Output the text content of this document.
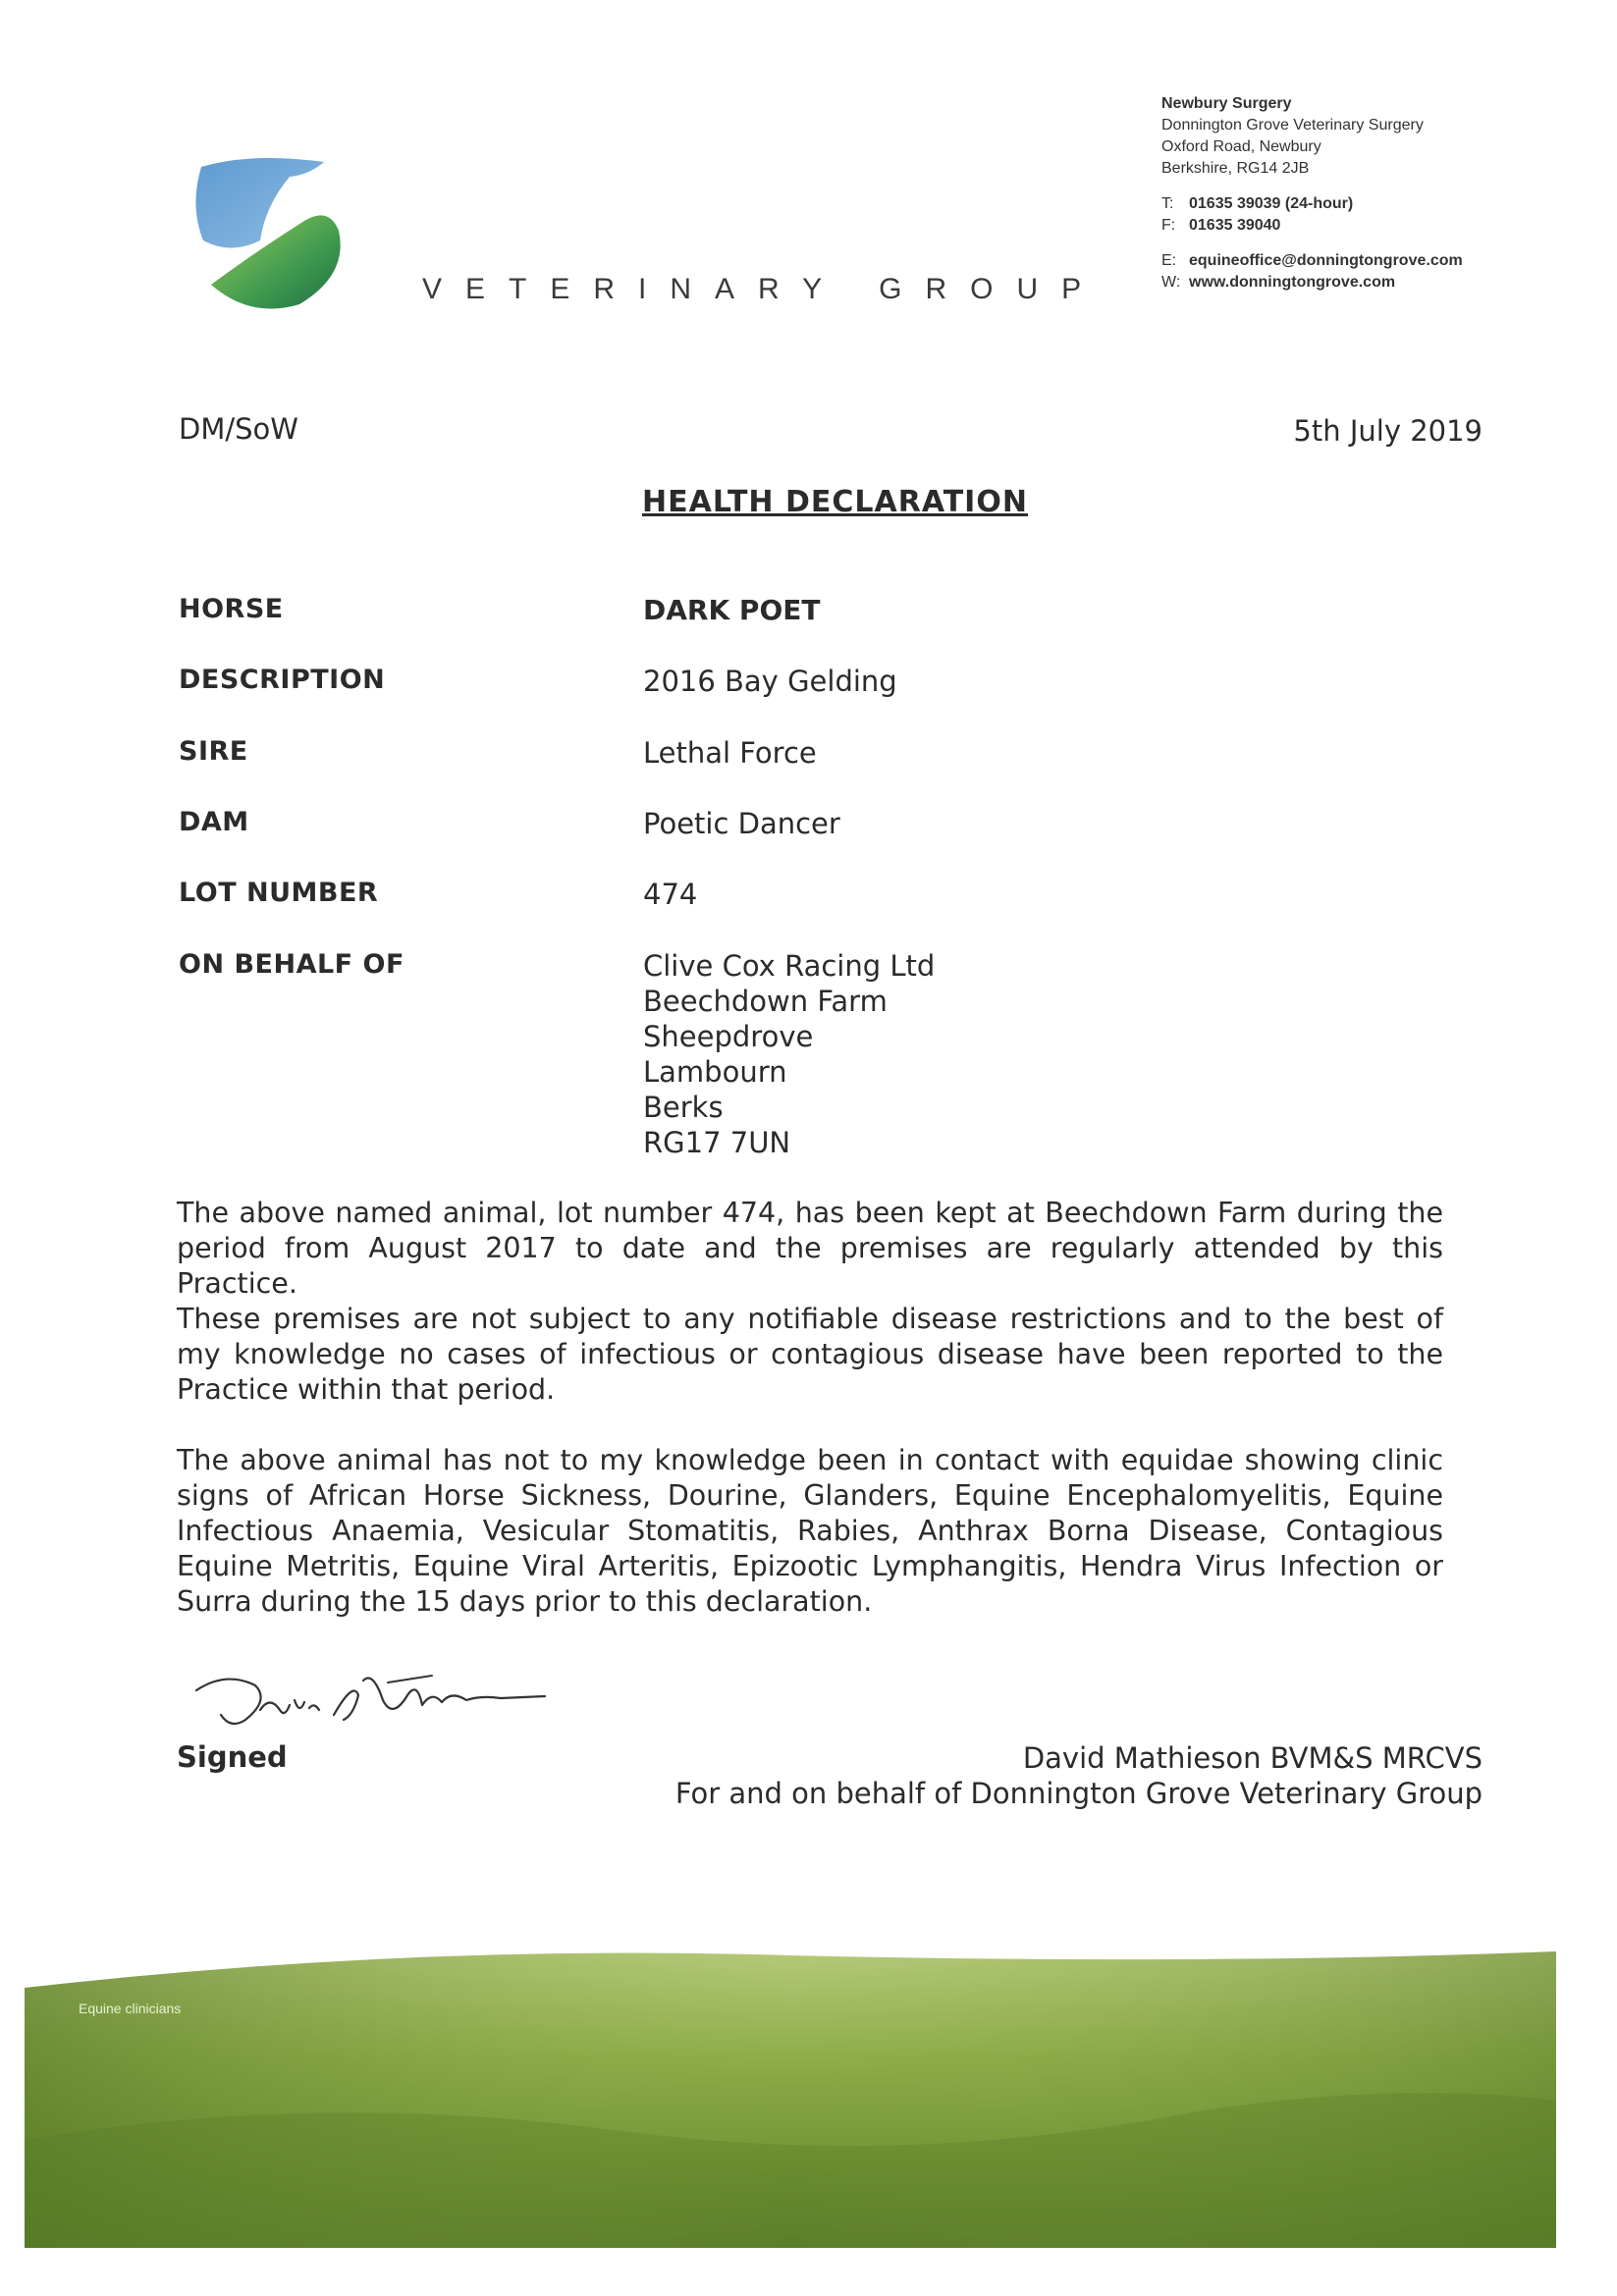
VETERINARY GROUP
Newbury Surgery
Donnington Grove Veterinary Surgery
Oxford Road, Newbury
Berkshire, RG14 2JB
T: 01635 39039 (24-hour)
F: 01635 39040
E: equineoffice@donningtongrove.com
W: www.donningtongrove.com
DM/SoW	5th July 2019
HEALTH DECLARATION
HORSE	DARK POET
DESCRIPTION	2016 Bay Gelding
SIRE	Lethal Force
DAM	Poetic Dancer
LOT NUMBER	474
ON BEHALF OF	Clive Cox Racing Ltd
Beechdown Farm
Sheepdrove
Lambourn
Berks
RG17 7UN

The above named animal, lot number 474, has been kept at Beechdown Farm during the period from August 2017 to date and the premises are regularly attended by this Practice.

These premises are not subject to any notifiable disease restrictions and to the best of my knowledge no cases of infectious or contagious disease have been reported to the Practice within that period.

The above animal has not to my knowledge been in contact with equidae showing clinic signs of African Horse Sickness, Dourine, Glanders, Equine Encephalomyelitis, Equine Infectious Anaemia, Vesicular Stomatitis, Rabies, Anthrax Borna Disease, Contagious Equine Metritis, Equine Viral Arteritis, Epizootic Lymphangitis, Hendra Virus Infection or Surra during the 15 days prior to this declaration.

Signed	David Mathieson BVM&S MRCVS
For and on behalf of Donnington Grove Veterinary Group
Equine clinicians
